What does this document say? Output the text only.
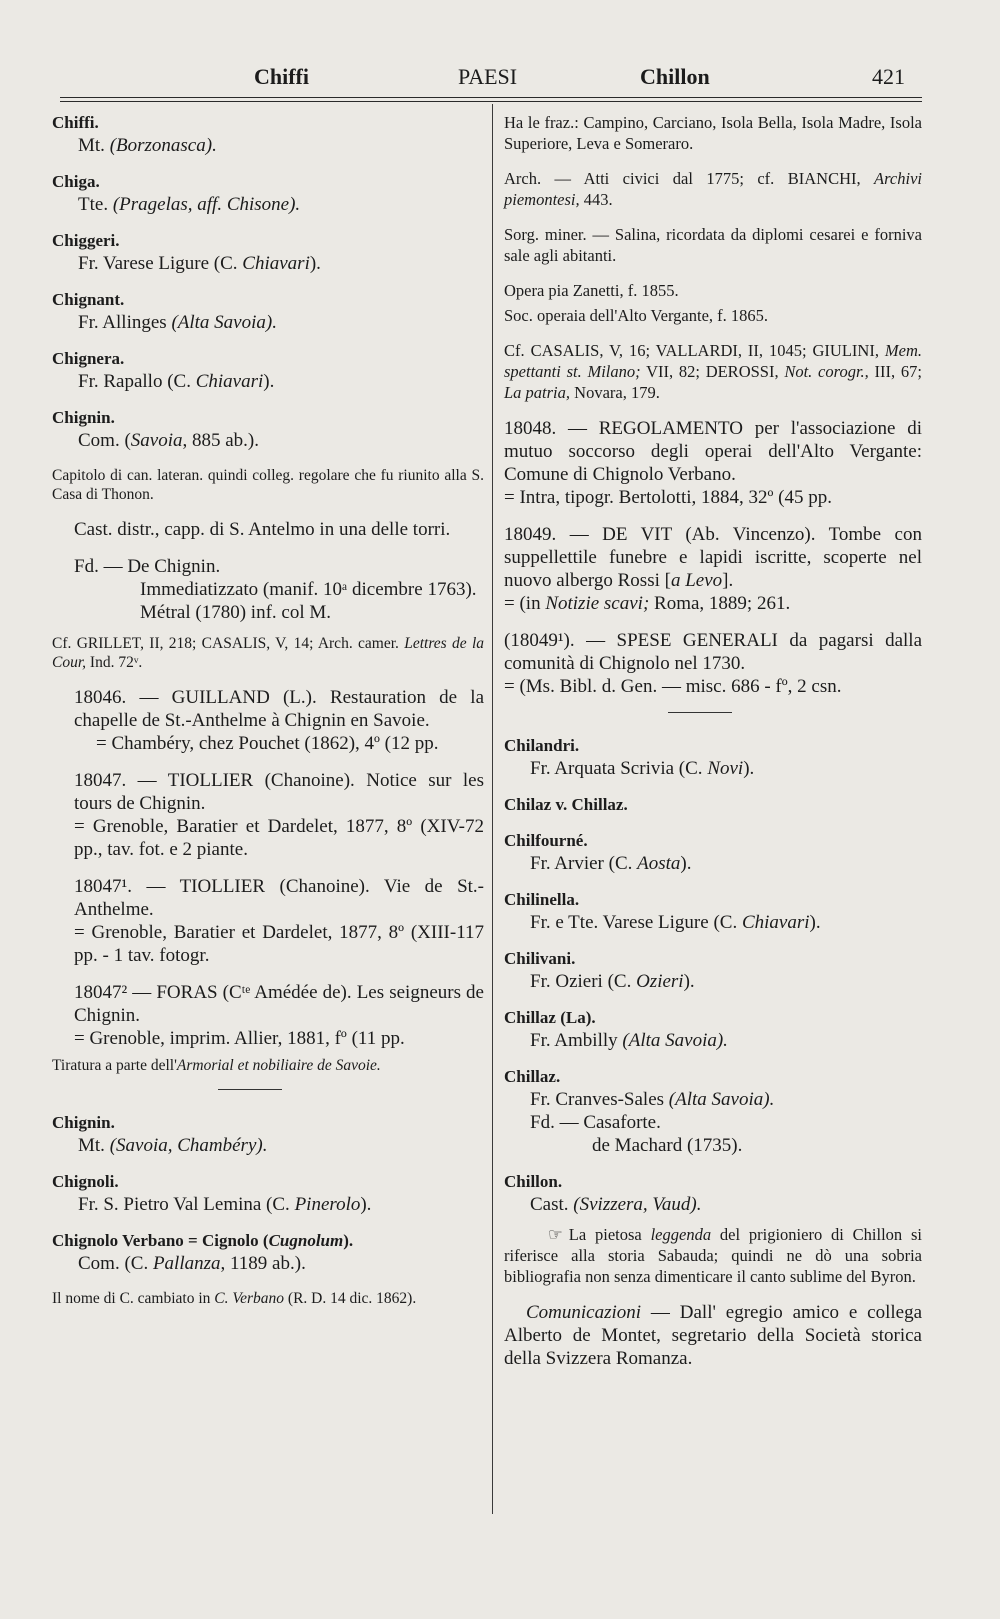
Chiffi	PAESI	Chillon	421
Chiffi.
Mt. (Borzonasca).
Chiga.
Tte. (Pragelas, aff. Chisone).
Chiggeri.
Fr. Varese Ligure (C. Chiavari).
Chignant.
Fr. Allinges (Alta Savoia).
Chignera.
Fr. Rapallo (C. Chiavari).
Chignin.
Com. (Savoia, 885 ab.).
Capitolo di can. lateran. quindi colleg. regolare che fu riunito alla S. Casa di Thonon.
Cast. distr., capp. di S. Antelmo in una delle torri.
Fd. — De Chignin.
Immediatizzato (manif. 10ᵃ dicembre 1763).
Métral (1780) inf. col M.
Cf. GRILLET, II, 218; CASALIS, V, 14; Arch. camer. Lettres de la Cour, Ind. 72ᵛ.
18046. — GUILLAND (L.). Restauration de la chapelle de St.-Anthelme à Chignin en Savoie.
= Chambéry, chez Pouchet (1862), 4º (12 pp.
18047. — TIOLLIER (Chanoine). Notice sur les tours de Chignin.
= Grenoble, Baratier et Dardelet, 1877, 8º (XIV-72 pp., tav. fot. e 2 piante.
18047¹. — TIOLLIER (Chanoine). Vie de St.-Anthelme.
= Grenoble, Baratier et Dardelet, 1877, 8º (XIII-117 pp. - 1 tav. fotogr.
18047² — FORAS (Cᵗᵉ Amédée de). Les seigneurs de Chignin.
= Grenoble, imprim. Allier, 1881, fº (11 pp.
Tiratura a parte dell'Armorial et nobiliaire de Savoie.
Chignin.
Mt. (Savoia, Chambéry).
Chignoli.
Fr. S. Pietro Val Lemina (C. Pinerolo).
Chignolo Verbano = Cignolo (Cugnolum).
Com. (C. Pallanza, 1189 ab.).
Il nome di C. cambiato in C. Verbano (R. D. 14 dic. 1862).
Ha le fraz.: Campino, Carciano, Isola Bella, Isola Madre, Isola Superiore, Leva e Someraro.
Arch. — Atti civici dal 1775; cf. BIANCHI, Archivi piemontesi, 443.
Sorg. miner. — Salina, ricordata da diplomi cesarei e forniva sale agli abitanti.
Opera pia Zanetti, f. 1855.
Soc. operaia dell'Alto Vergante, f. 1865.
Cf. CASALIS, V, 16; VALLARDI, II, 1045; GIULINI, Mem. spettanti st. Milano; VII, 82; DEROSSI, Not. corogr., III, 67; La patria, Novara, 179.
18048. — REGOLAMENTO per l'associazione di mutuo soccorso degli operai dell'Alto Vergante: Comune di Chignolo Verbano.
= Intra, tipogr. Bertolotti, 1884, 32º (45 pp.
18049. — DE VIT (Ab. Vincenzo). Tombe con suppellettile funebre e lapidi iscritte, scoperte nel nuovo albergo Rossi [a Levo].
= (in Notizie scavi; Roma, 1889; 261.
(18049¹). — SPESE GENERALI da pagarsi dalla comunità di Chignolo nel 1730.
= (Ms. Bibl. d. Gen. — misc. 686 - fº, 2 csn.
Chilandri.
Fr. Arquata Scrivia (C. Novi).
Chilaz v. Chillaz.
Chilfourné.
Fr. Arvier (C. Aosta).
Chilinella.
Fr. e Tte. Varese Ligure (C. Chiavari).
Chilivani.
Fr. Ozieri (C. Ozieri).
Chillaz (La).
Fr. Ambilly (Alta Savoia).
Chillaz.
Fr. Cranves-Sales (Alta Savoia).
Fd. — Casaforte.
de Machard (1735).
Chillon.
Cast. (Svizzera, Vaud).
☞ La pietosa leggenda del prigioniero di Chillon si riferisce alla storia Sabauda; quindi ne dò una sobria bibliografia non senza dimenticare il canto sublime del Byron.
Comunicazioni — Dall' egregio amico e collega Alberto de Montet, segretario della Società storica della Svizzera Romanza.
